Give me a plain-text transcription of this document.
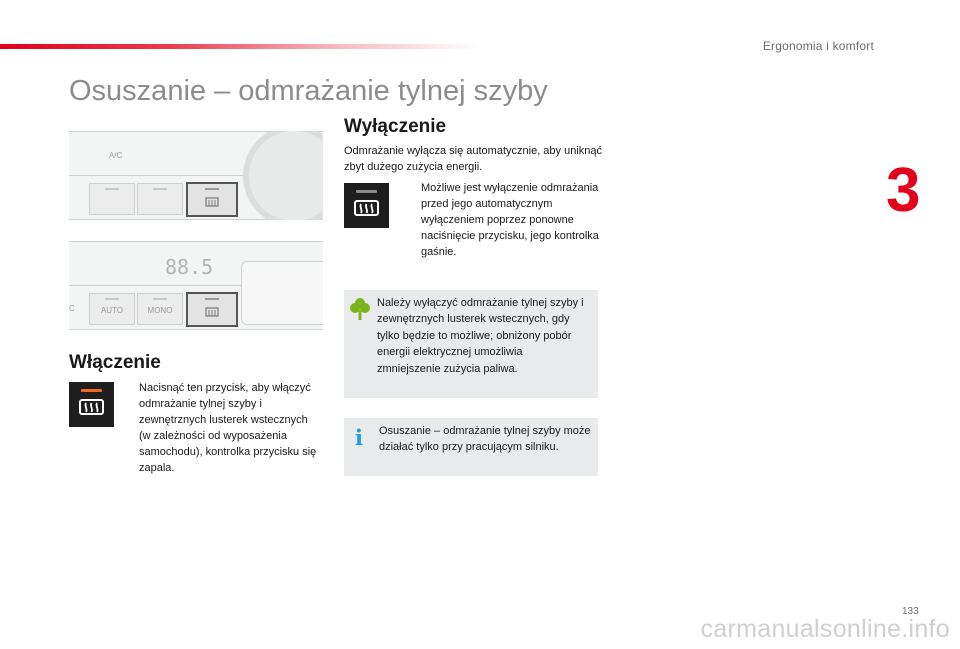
Ergonomia i komfort
3
Osuszanie – odmrażanie tylnej szyby
A/C
88.5
C	AUTO	MONO
Wyłączenie
Odmrażanie wyłącza się automatycznie, aby uniknąć zbyt dużego zużycia energii.
Możliwe jest wyłączenie odmrażania przed jego automatycznym wyłączeniem poprzez ponowne naciśnięcie przycisku, jego kontrolka gaśnie.
Włączenie
Nacisnąć ten przycisk, aby włączyć odmrażanie tylnej szyby i zewnętrznych lusterek wstecznych (w zależności od wyposażenia samochodu), kontrolka przycisku się zapala.
Należy wyłączyć odmrażanie tylnej szyby i zewnętrznych lusterek wstecznych, gdy tylko będzie to możliwe; obniżony pobór energii elektrycznej umożliwia zmniejszenie zużycia paliwa.
i Osuszanie – odmrażanie tylnej szyby może działać tylko przy pracującym silniku.
133
carmanualsonline.info
